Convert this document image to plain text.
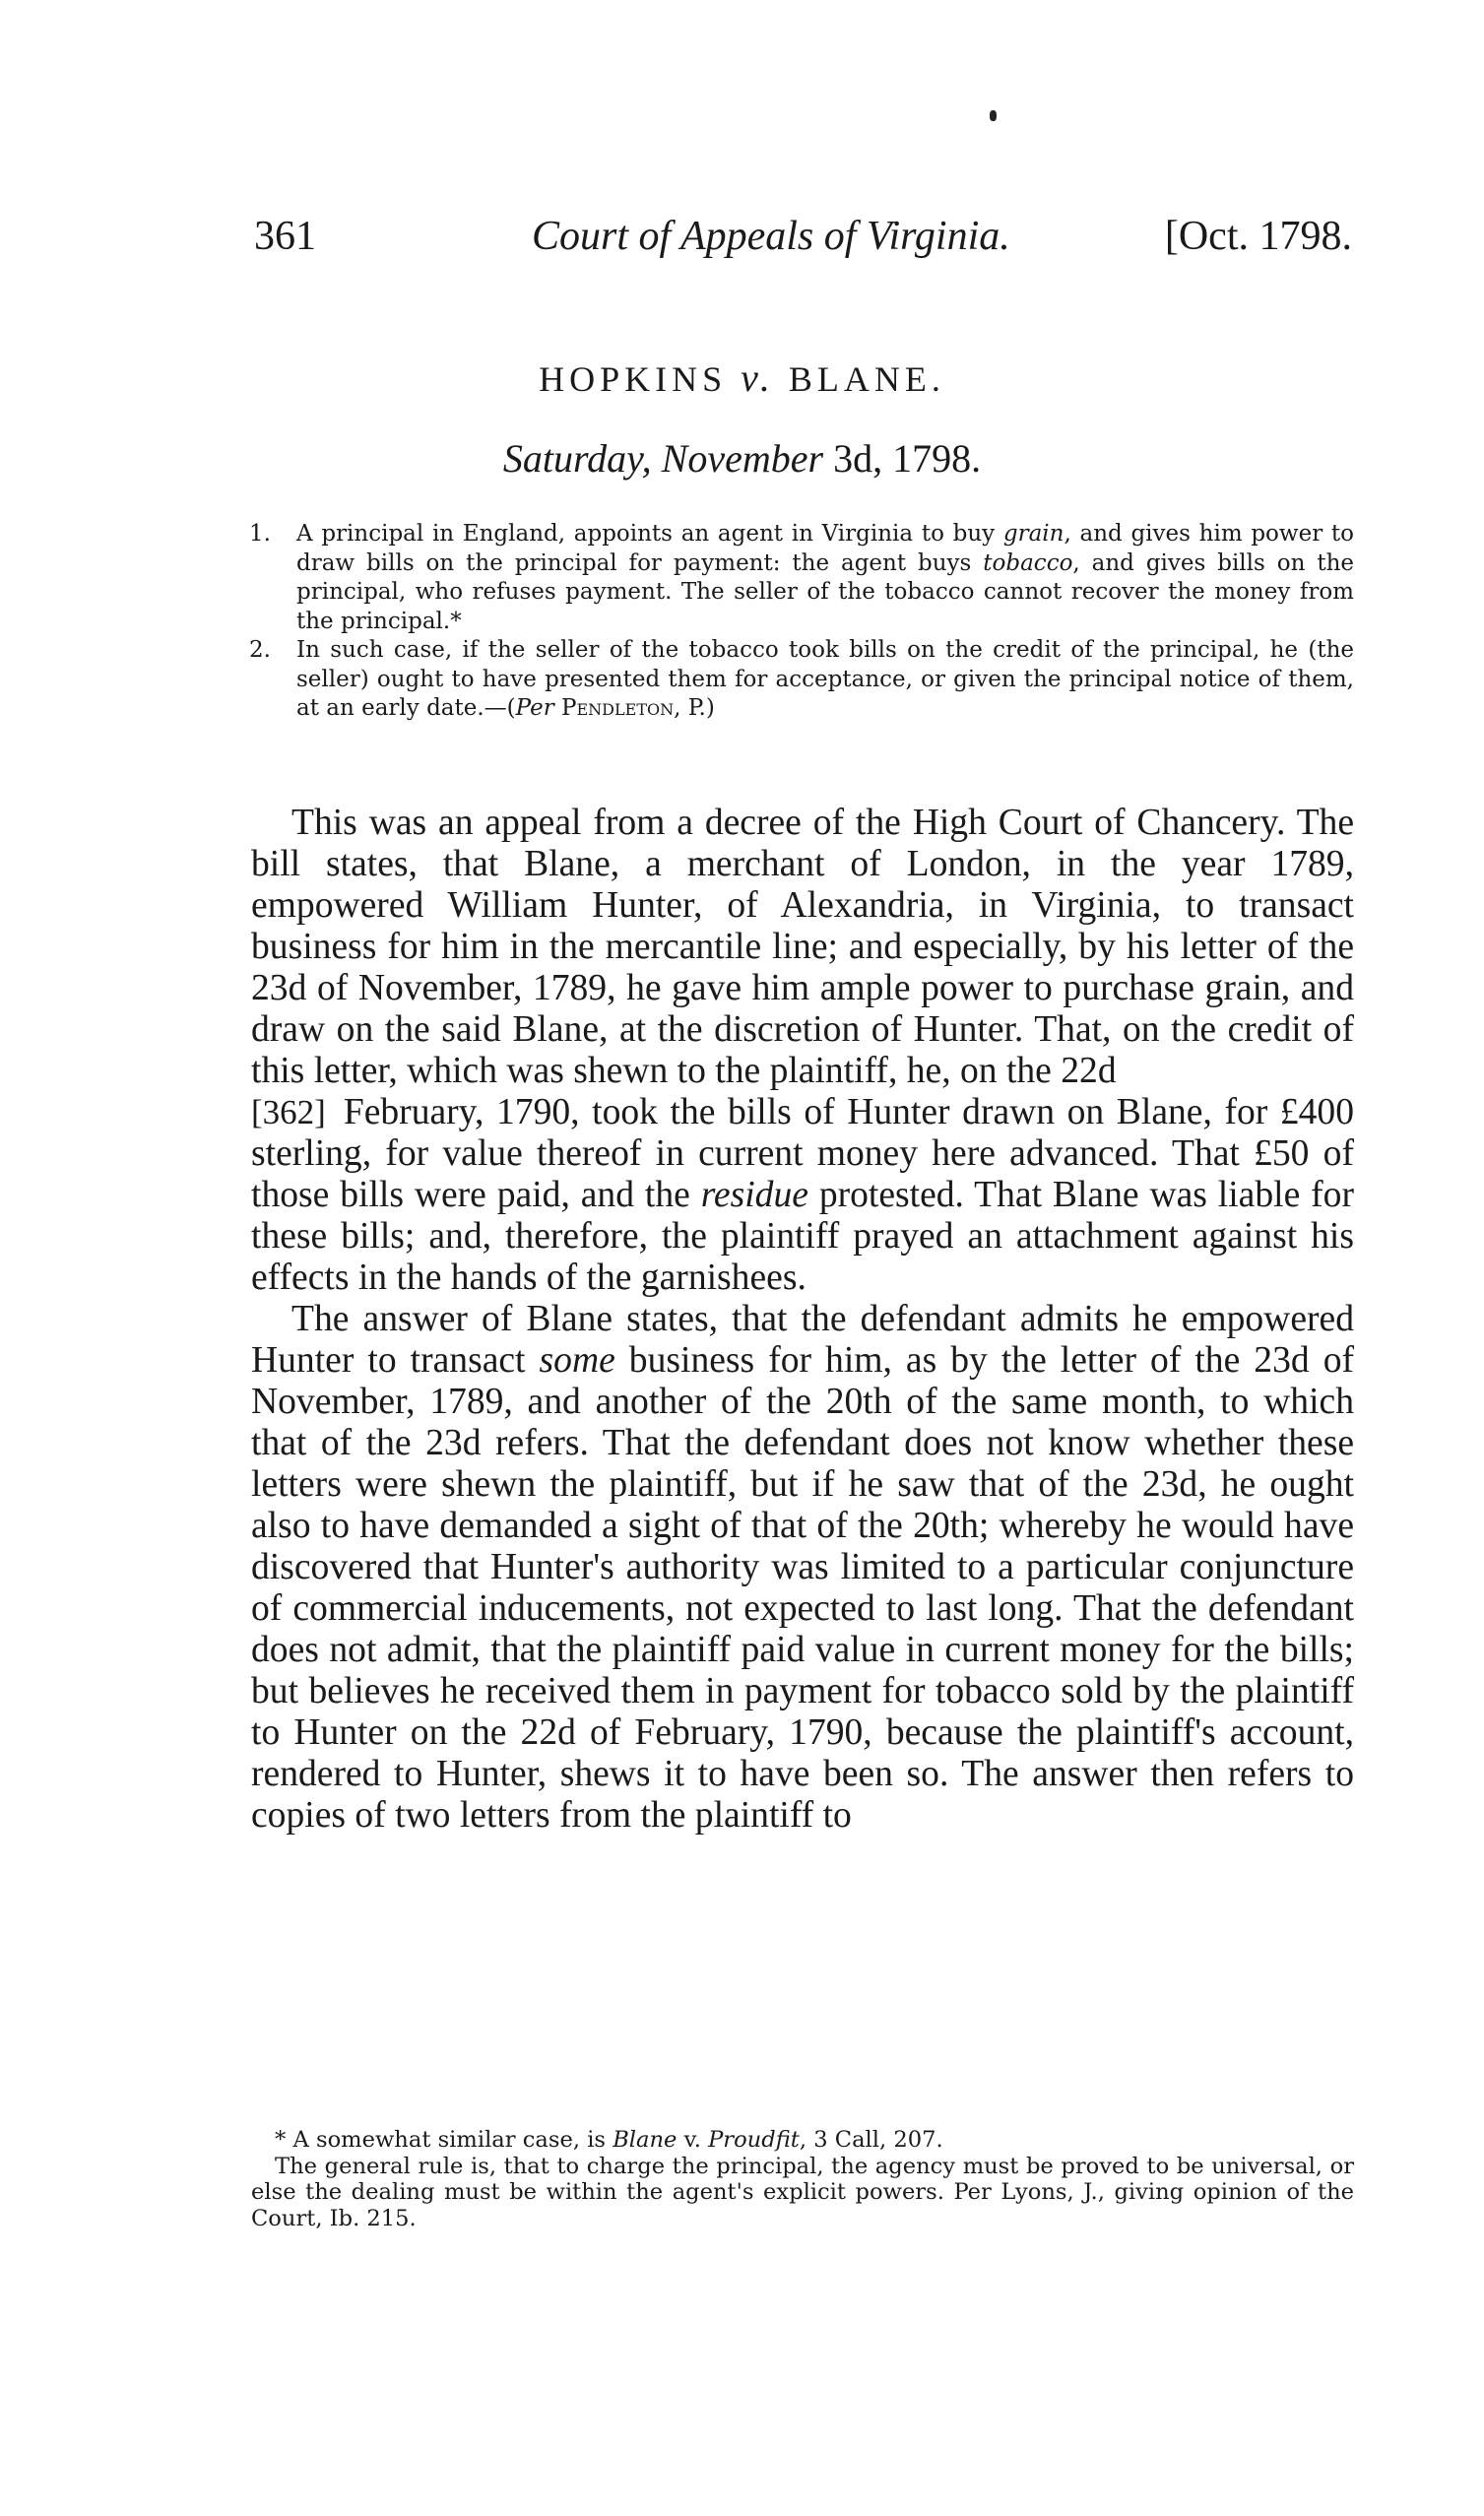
361	Court of Appeals of Virginia.	[Oct. 1798.
HOPKINS v. BLANE.
Saturday, November 3d, 1798.

1. A principal in England, appoints an agent in Virginia to buy grain, and gives him power to draw bills on the principal for payment: the agent buys tobacco, and gives bills on the principal, who refuses payment. The seller of the tobacco cannot recover the money from the principal.*

2. In such case, if the seller of the tobacco took bills on the credit of the principal, he (the seller) ought to have presented them for acceptance, or given the principal notice of them, at an early date.—(Per Pendleton, P.)

This was an appeal from a decree of the High Court of Chancery. The bill states, that Blane, a merchant of London, in the year 1789, empowered William Hunter, of Alexandria, in Virginia, to transact business for him in the mercantile line; and especially, by his letter of the 23d of November, 1789, he gave him ample power to purchase grain, and draw on the said Blane, at the discretion of Hunter. That, on the credit of this letter, which was shewn to the plaintiff, he, on the 22d

[362] February, 1790, took the bills of Hunter drawn on Blane, for £400 sterling, for value thereof in current money here advanced. That £50 of those bills were paid, and the residue protested. That Blane was liable for these bills; and, therefore, the plaintiff prayed an attachment against his effects in the hands of the garnishees.

The answer of Blane states, that the defendant admits he empowered Hunter to transact some business for him, as by the letter of the 23d of November, 1789, and another of the 20th of the same month, to which that of the 23d refers. That the defendant does not know whether these letters were shewn the plaintiff, but if he saw that of the 23d, he ought also to have demanded a sight of that of the 20th; whereby he would have discovered that Hunter's authority was limited to a particular conjuncture of commercial inducements, not expected to last long. That the defendant does not admit, that the plaintiff paid value in current money for the bills; but believes he received them in payment for tobacco sold by the plaintiff to Hunter on the 22d of February, 1790, because the plaintiff's account, rendered to Hunter, shews it to have been so. The answer then refers to copies of two letters from the plaintiff to

* A somewhat similar case, is Blane v. Proudfit, 3 Call, 207.

The general rule is, that to charge the principal, the agency must be proved to be universal, or else the dealing must be within the agent's explicit powers. Per Lyons, J., giving opinion of the Court, Ib. 215.
